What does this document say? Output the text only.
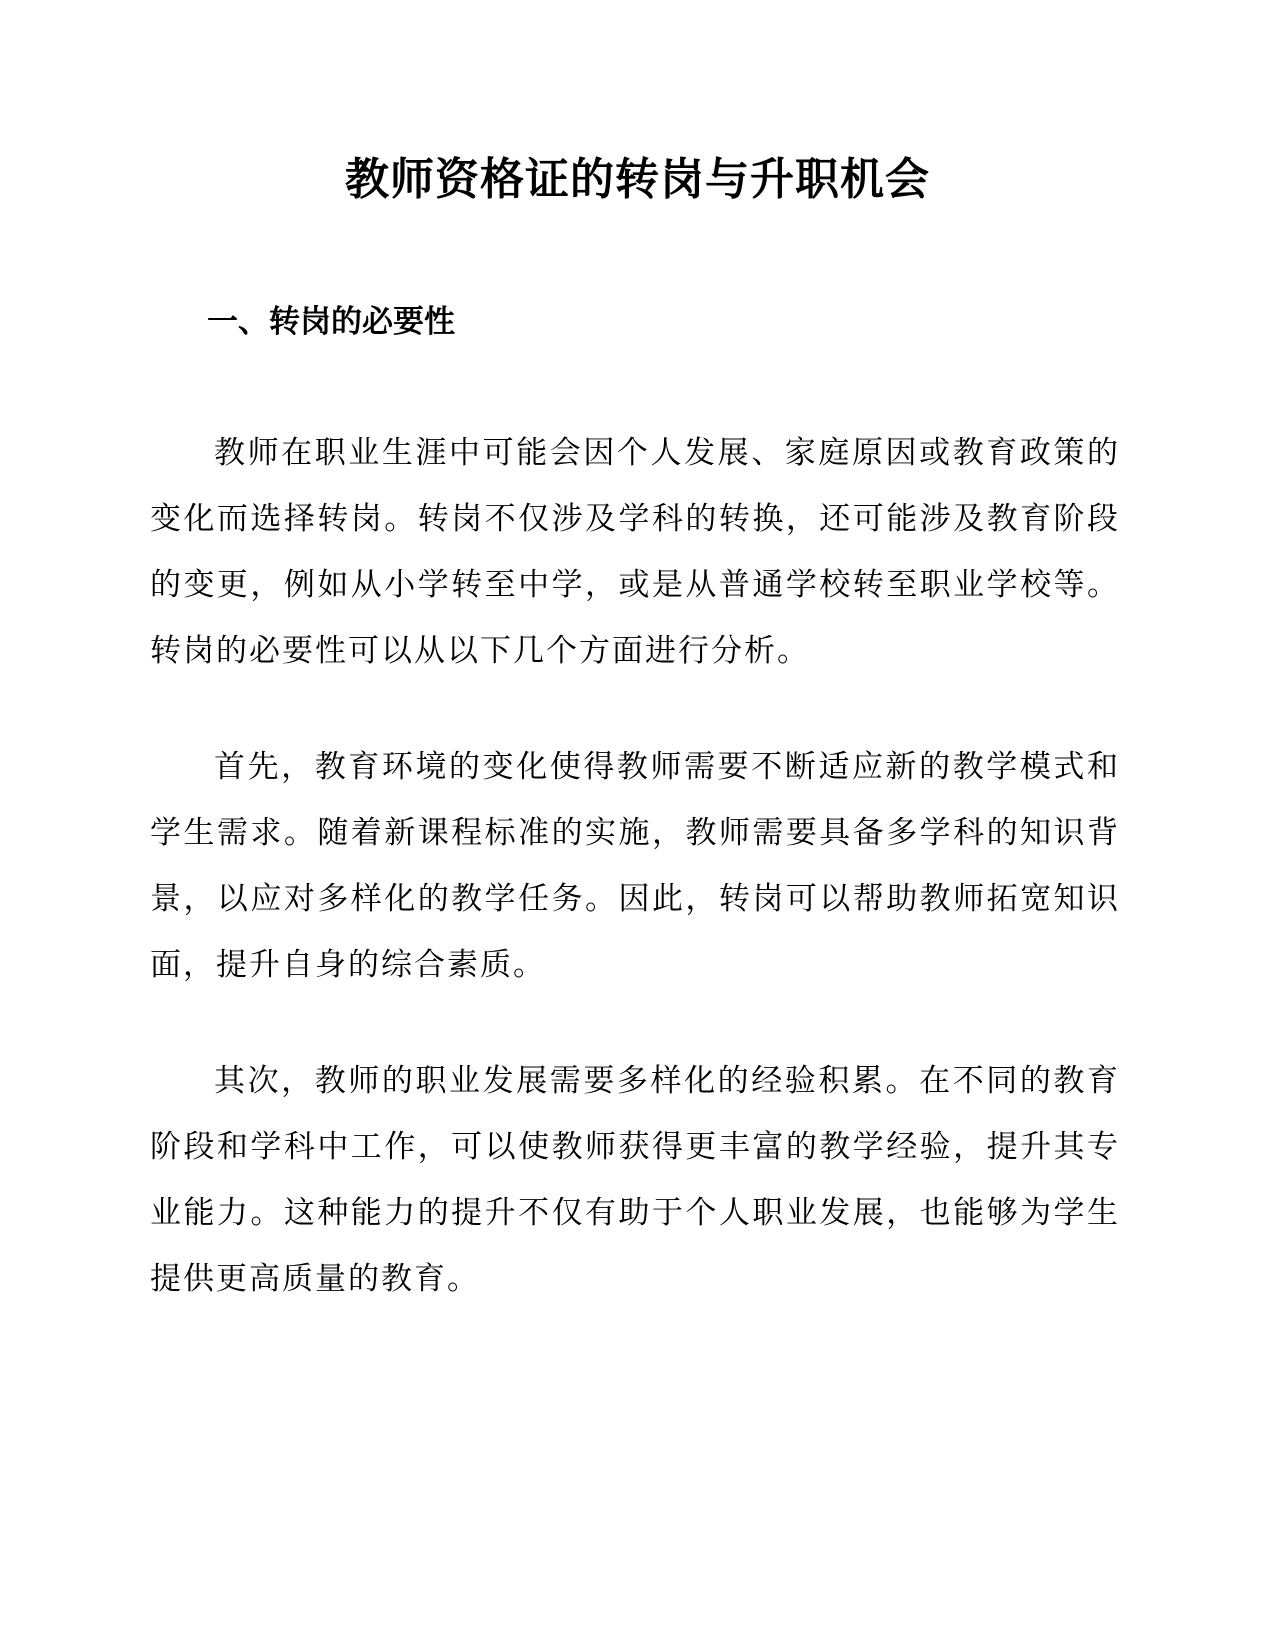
教师资格证的转岗与升职机会
一、转岗的必要性

教师在职业生涯中可能会因个人发展、家庭原因或教育政策的变化而选择转岗。转岗不仅涉及学科的转换，还可能涉及教育阶段的变更，例如从小学转至中学，或是从普通学校转至职业学校等。转岗的必要性可以从以下几个方面进行分析。

首先，教育环境的变化使得教师需要不断适应新的教学模式和学生需求。随着新课程标准的实施，教师需要具备多学科的知识背景，以应对多样化的教学任务。因此，转岗可以帮助教师拓宽知识面，提升自身的综合素质。

其次，教师的职业发展需要多样化的经验积累。在不同的教育阶段和学科中工作，可以使教师获得更丰富的教学经验，提升其专业能力。这种能力的提升不仅有助于个人职业发展，也能够为学生提供更高质量的教育。
